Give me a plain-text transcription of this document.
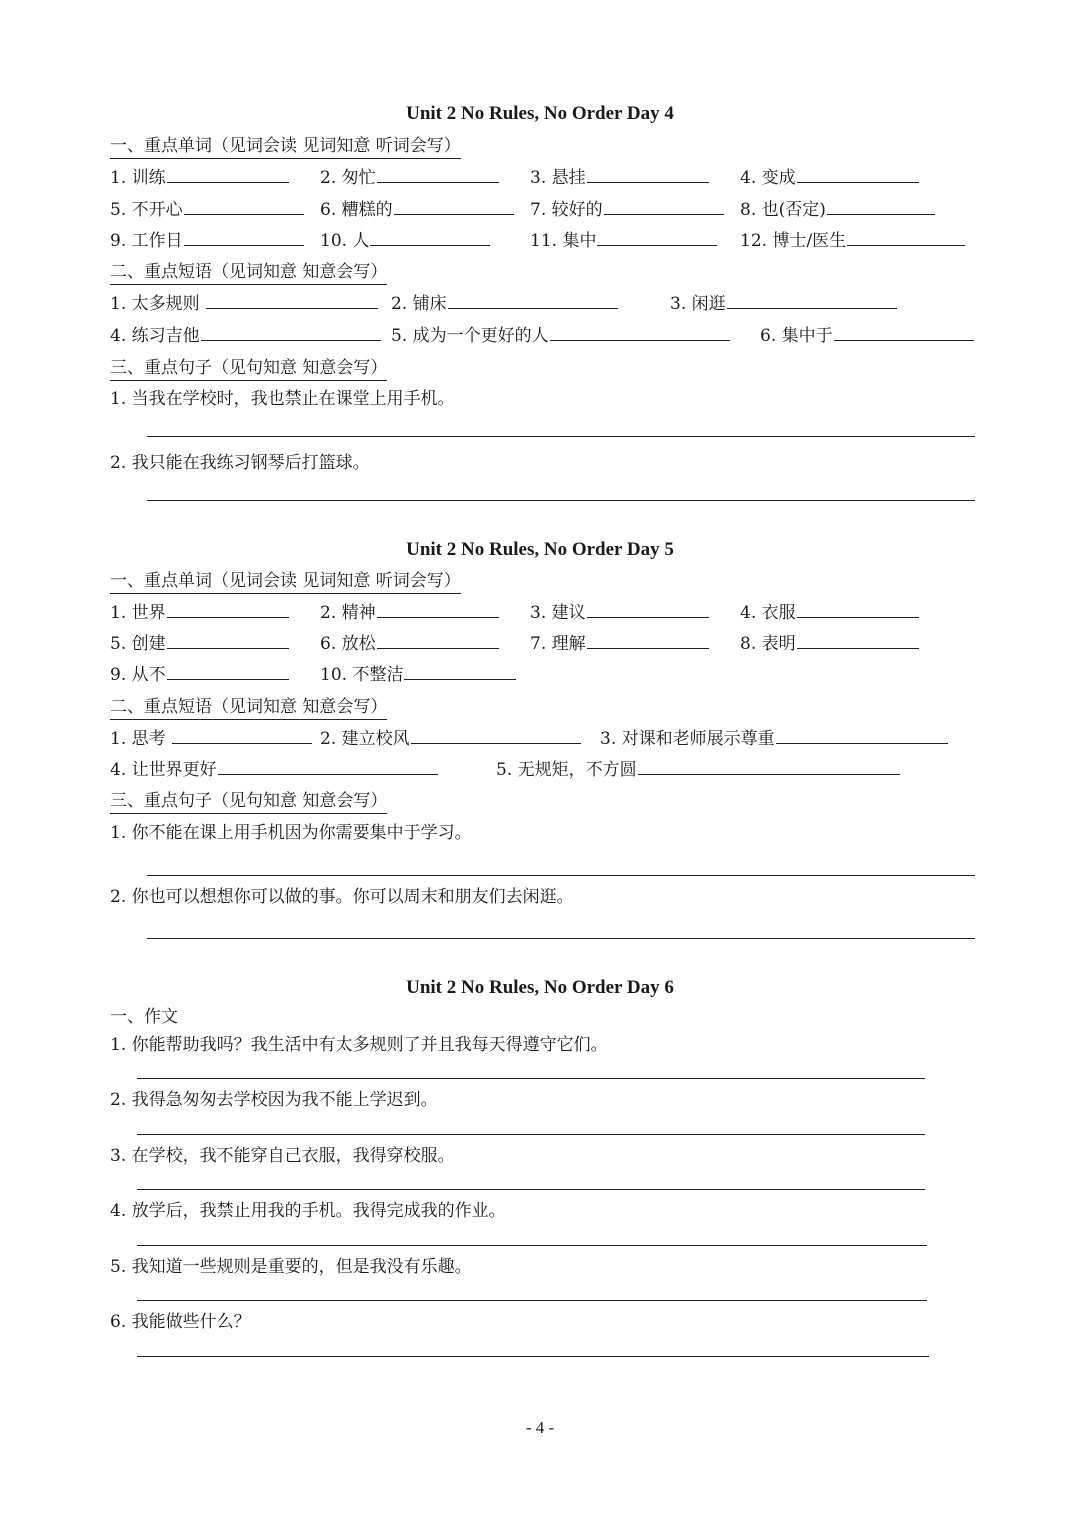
Unit 2 No Rules, No Order Day 4
一、重点单词（见词会读 见词知意 听词会写）
1. 训练	2. 匆忙	3. 悬挂	4. 变成
5. 不开心	6. 糟糕的	7. 较好的	8. 也(否定)
9. 工作日	10. 人	11. 集中	12. 博士/医生
二、重点短语（见词知意 知意会写）
1. 太多规则	2. 铺床	3. 闲逛
4. 练习吉他	5. 成为一个更好的人	6. 集中于
三、重点句子（见句知意 知意会写）
1. 当我在学校时，我也禁止在课堂上用手机。
2. 我只能在我练习钢琴后打篮球。
Unit 2 No Rules, No Order Day 5
一、重点单词（见词会读 见词知意 听词会写）
1. 世界	2. 精神	3. 建议	4. 衣服
5. 创建	6. 放松	7. 理解	8. 表明
9. 从不	10. 不整洁
二、重点短语（见词知意 知意会写）
1. 思考	2. 建立校风	3. 对课和老师展示尊重
4. 让世界更好	5. 无规矩，不方圆
三、重点句子（见句知意 知意会写）
1. 你不能在课上用手机因为你需要集中于学习。
2. 你也可以想想你可以做的事。你可以周末和朋友们去闲逛。
Unit 2 No Rules, No Order Day 6
一、作文
1. 你能帮助我吗？我生活中有太多规则了并且我每天得遵守它们。
2. 我得急匆匆去学校因为我不能上学迟到。
3. 在学校，我不能穿自己衣服，我得穿校服。
4. 放学后，我禁止用我的手机。我得完成我的作业。
5. 我知道一些规则是重要的，但是我没有乐趣。
6. 我能做些什么？
- 4 -
